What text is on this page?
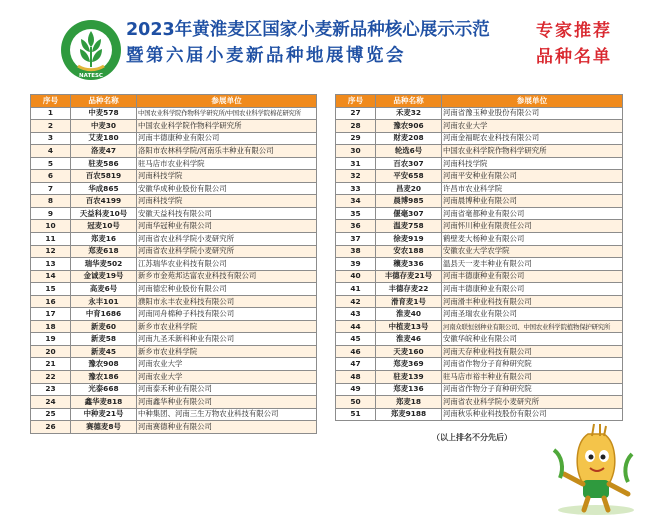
NATESC
2023年黄淮麦区国家小麦新品种核心展示示范	专家推荐
暨第六届小麦新品种地展博览会	品种名单
序号	品种名称	参展单位
1	中麦578	中国农业科学院作物科学研究所/中国农业科学院棉花研究所
2	中麦30	中国农业科学院作物科学研究所
3	艾麦180	河南丰德康种业有限公司
4	洛麦47	洛阳市农林科学院/河南乐丰种业有限公司
5	驻麦586	驻马店市农业科学院
6	百农5819	河南科技学院
7	华成865	安徽华成种业股份有限公司
8	百农4199	河南科技学院
9	天益科麦10号	安徽天益科技有限公司
10	冠麦10号	河南华冠种业有限公司
11	郑麦16	河南省农业科学院小麦研究所
12	郑麦618	河南省农业科学院小麦研究所
13	瑞华麦502	江苏瑞华农业科技有限公司
14	金诚麦19号	新乡市金苑邦达富农业科技有限公司
15	高麦6号	河南德宏种业股份有限公司
16	永丰101	濮阳市永丰农业科技有限公司
17	中育1686	河南同舟棉种子科技有限公司
18	新麦60	新乡市农业科学院
19	新麦58	河南九圣禾新科种业有限公司
20	新麦45	新乡市农业科学院
21	豫农908	河南农业大学
22	豫农186	河南农业大学
23	光泰668	河南泰禾种业有限公司
24	鑫华麦818	河南鑫华种业有限公司
25	中种麦21号	中种集团、河南三生万物农业科技有限公司
26	赛德麦8号	河南赛德种业有限公司
序号	品种名称	参展单位
27	禾麦32	河南省豫玉种业股份有限公司
28	豫农906	河南农业大学
29	财麦208	河南金福昵农业科技有限公司
30	轮选6号	中国农业科学院作物科学研究所
31	百农307	河南科技学院
32	平安658	河南平安种业有限公司
33	昌麦20	许昌市农业科学院
34	晨博985	河南晨博种业有限公司
35	偃毫307	河南省毫都种业有限公司
36	温麦758	河南怀川种业有限责任公司
37	徐麦919	鹤壁麦大杨种业有限公司
38	安农188	安徽农业大学农学院
39	穰麦336	温县天一麦丰种业有限公司
40	丰德存麦21号	河南丰德康种业有限公司
41	丰德存麦22	河南丰德康种业有限公司
42	滑育麦1号	河南滑丰种业科技有限公司
43	淮麦40	河南圣瑞农业有限公司
44	中植麦13号	河南众联恒创种业有限公司、中国农业科学院植物保护研究所
45	淮麦46	安徽华皖种业有限公司
46	天麦160	河南天存种业科技有限公司
47	郑麦369	河南省作物分子育种研究院
48	驻麦139	驻马店市裕丰种业有限公司
49	郑麦136	河南省作物分子育种研究院
50	郑麦18	河南省农业科学院小麦研究所
51	郑麦9188	河南秋乐种业科技股份有限公司
（以上排名不分先后）
